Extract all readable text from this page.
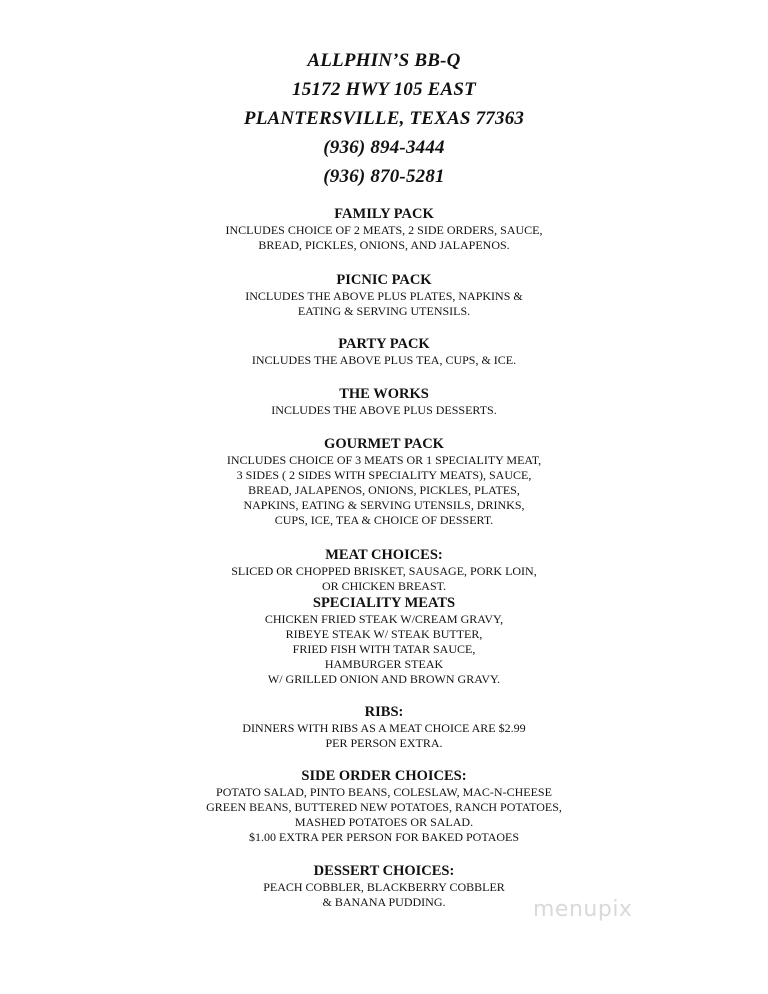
ALLPHIN’S BB-Q
15172 HWY 105 EAST
PLANTERSVILLE, TEXAS 77363
(936) 894-3444
(936) 870-5281
FAMILY PACK
INCLUDES CHOICE OF 2 MEATS, 2 SIDE ORDERS, SAUCE,
BREAD, PICKLES, ONIONS, AND JALAPENOS.
PICNIC PACK
INCLUDES THE ABOVE PLUS PLATES, NAPKINS &
EATING & SERVING UTENSILS.
PARTY PACK
INCLUDES THE ABOVE PLUS TEA, CUPS, & ICE.
THE WORKS
INCLUDES THE ABOVE PLUS DESSERTS.
GOURMET PACK
INCLUDES CHOICE OF 3 MEATS OR 1 SPECIALITY MEAT,
3 SIDES ( 2 SIDES WITH SPECIALITY MEATS), SAUCE,
BREAD, JALAPENOS, ONIONS, PICKLES, PLATES,
NAPKINS, EATING & SERVING UTENSILS, DRINKS,
CUPS, ICE, TEA & CHOICE OF DESSERT.
MEAT CHOICES:
SLICED OR CHOPPED BRISKET, SAUSAGE, PORK LOIN,
OR CHICKEN BREAST.
SPECIALITY MEATS
CHICKEN FRIED STEAK W/CREAM GRAVY,
RIBEYE STEAK W/ STEAK BUTTER,
FRIED FISH WITH TATAR SAUCE,
HAMBURGER STEAK
W/ GRILLED ONION AND BROWN GRAVY.
RIBS:
DINNERS WITH RIBS AS A MEAT CHOICE ARE $2.99
PER PERSON EXTRA.
SIDE ORDER CHOICES:
POTATO SALAD, PINTO BEANS, COLESLAW, MAC-N-CHEESE
GREEN BEANS, BUTTERED NEW POTATOES, RANCH POTATOES,
MASHED POTATOES OR SALAD.
$1.00 EXTRA PER PERSON FOR BAKED POTAOES
DESSERT CHOICES:
PEACH COBBLER, BLACKBERRY COBBLER
& BANANA PUDDING.	menupix
